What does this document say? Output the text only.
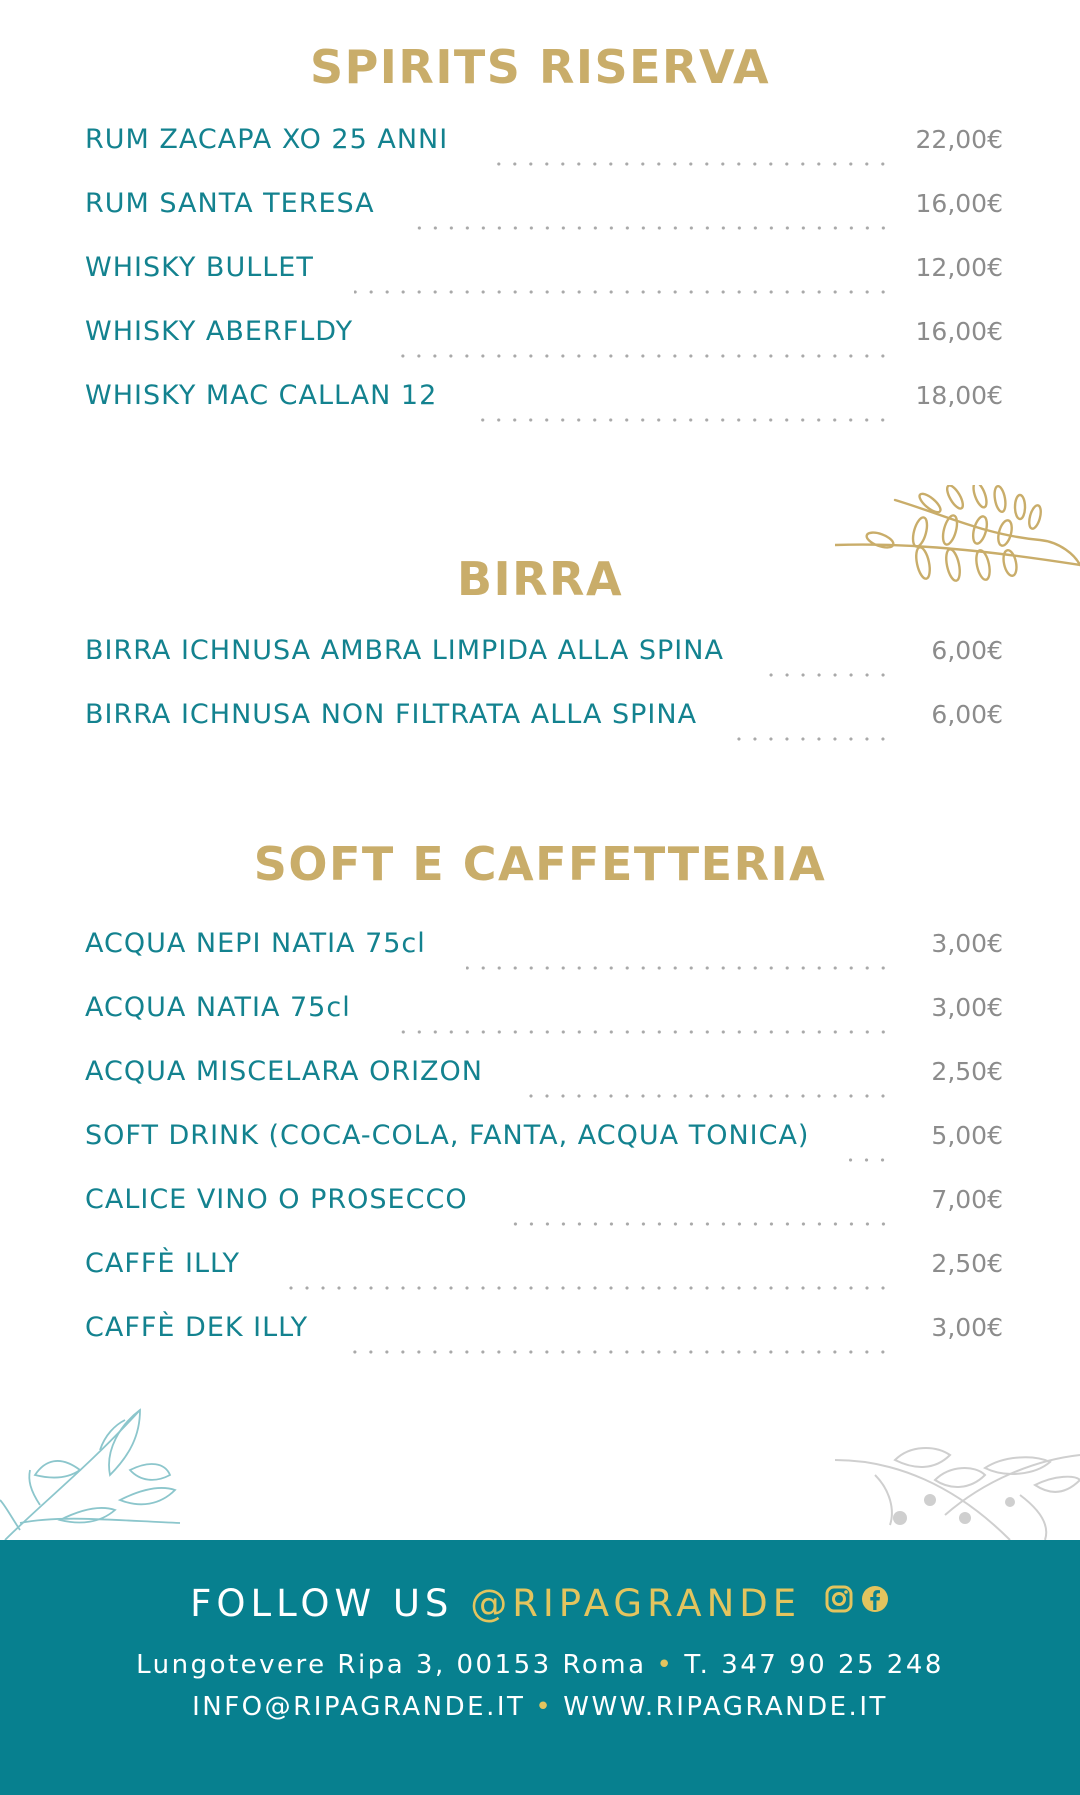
SPIRITS RISERVA
RUM ZACAPA XO 25 ANNI	22,00€
RUM SANTA TERESA	16,00€
WHISKY BULLET	12,00€
WHISKY ABERFLDY	16,00€
WHISKY MAC CALLAN 12	18,00€
BIRRA
BIRRA ICHNUSA AMBRA LIMPIDA ALLA SPINA	6,00€
BIRRA ICHNUSA NON FILTRATA ALLA SPINA	6,00€
SOFT E CAFFETTERIA
ACQUA NEPI NATIA 75cl	3,00€
ACQUA NATIA 75cl	3,00€
ACQUA MISCELARA ORIZON	2,50€
SOFT DRINK (COCA-COLA, FANTA, ACQUA TONICA)	5,00€
CALICE VINO O PROSECCO	7,00€
CAFFÈ ILLY	2,50€
CAFFÈ DEK ILLY	3,00€
FOLLOW US @RIPAGRANDE
Lungotevere Ripa 3, 00153 Roma • T. 347 90 25 248
INFO@RIPAGRANDE.IT • WWW.RIPAGRANDE.IT
